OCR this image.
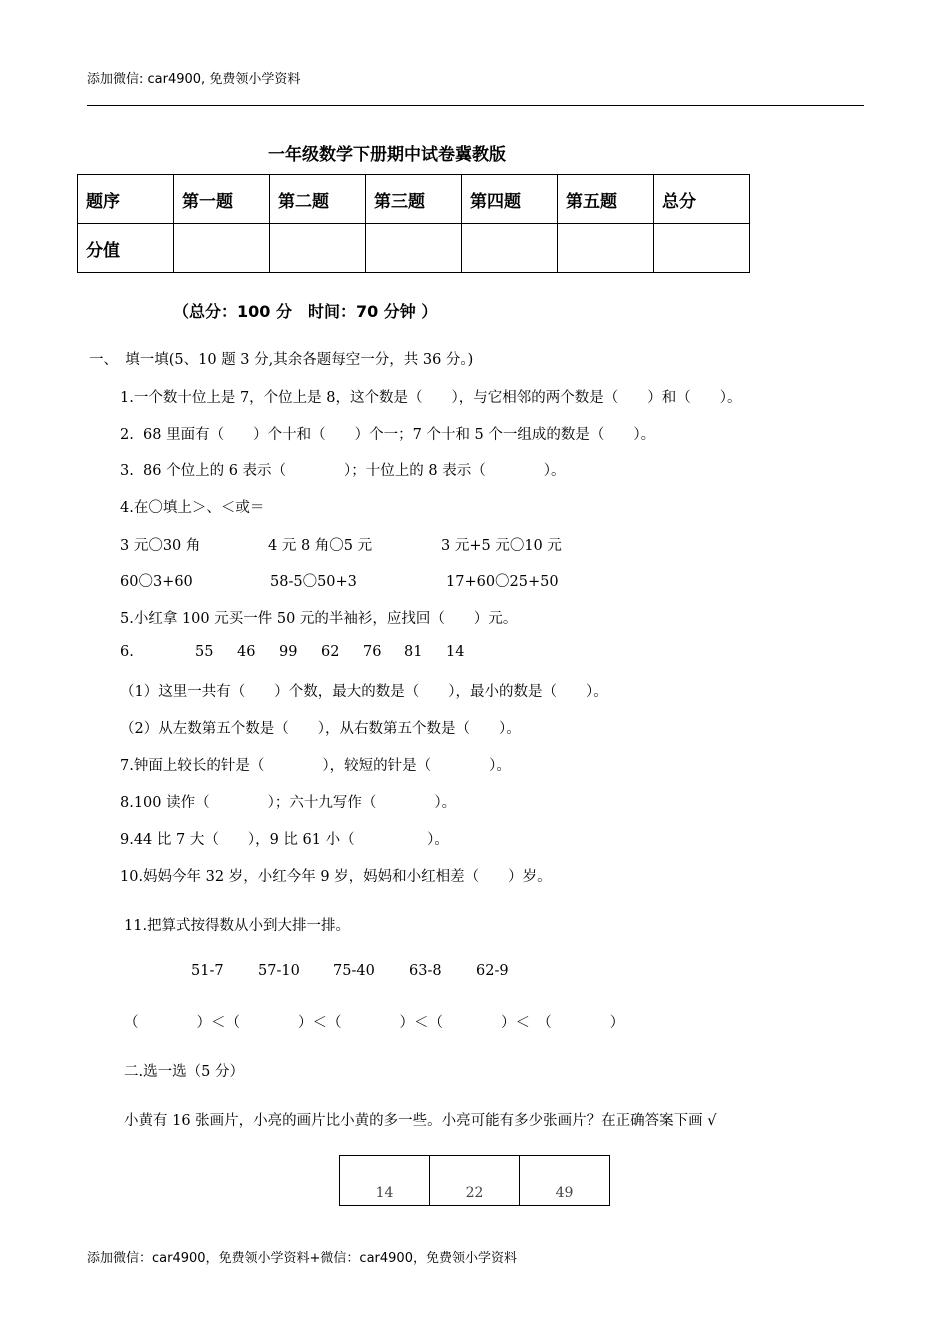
添加微信: car4900, 免费领小学资料
一年级数学下册期中试卷冀教版
题序	第一题	第二题	第三题	第四题	第五题	总分
分值						
（总分：100 分　时间：70 分钟 ）
一、　填一填(5、10 题 3 分,其余各题每空一分，共 36 分。)
1.一个数十位上是 7，个位上是 8，这个数是（　　），与它相邻的两个数是（　　）和（　　）。
2.  68 里面有（　　）个十和（　　）个一；7 个十和 5 个一组成的数是（　　）。
3.  86 个位上的 6 表示（　　　　）；十位上的 8 表示（　　　　）。
4.在〇填上＞、＜或＝
3 元〇30 角	4 元 8 角〇5 元	3 元+5 元〇10 元
60〇3+60	58-5〇50+3	17+60〇25+50
5.小红拿 100 元买一件 50 元的半袖衫，应找回（　　）元。
6.	55 46 99 62 76 81 14
（1）这里一共有（　　）个数，最大的数是（　　），最小的数是（　　）。
（2）从左数第五个数是（　　），从右数第五个数是（　　）。
7.钟面上较长的针是（　　　　），较短的针是（　　　　）。
8.100 读作（　　　　）；六十九写作（　　　　）。
9.44 比 7 大（　　），9 比 61 小（　　　　　）。
10.妈妈今年 32 岁，小红今年 9 岁，妈妈和小红相差（　　）岁。
11.把算式按得数从小到大排一排。
51-7 57-10 75-40 63-8 62-9
（　　　　）＜（　　　　）＜（　　　　）＜（　　　　）＜　（　　　　）
二.选一选（5 分）
小黄有 16 张画片，小亮的画片比小黄的多一些。小亮可能有多少张画片？在正确答案下画 √
14	22	49
添加微信：car4900，免费领小学资料+微信：car4900，免费领小学资料
